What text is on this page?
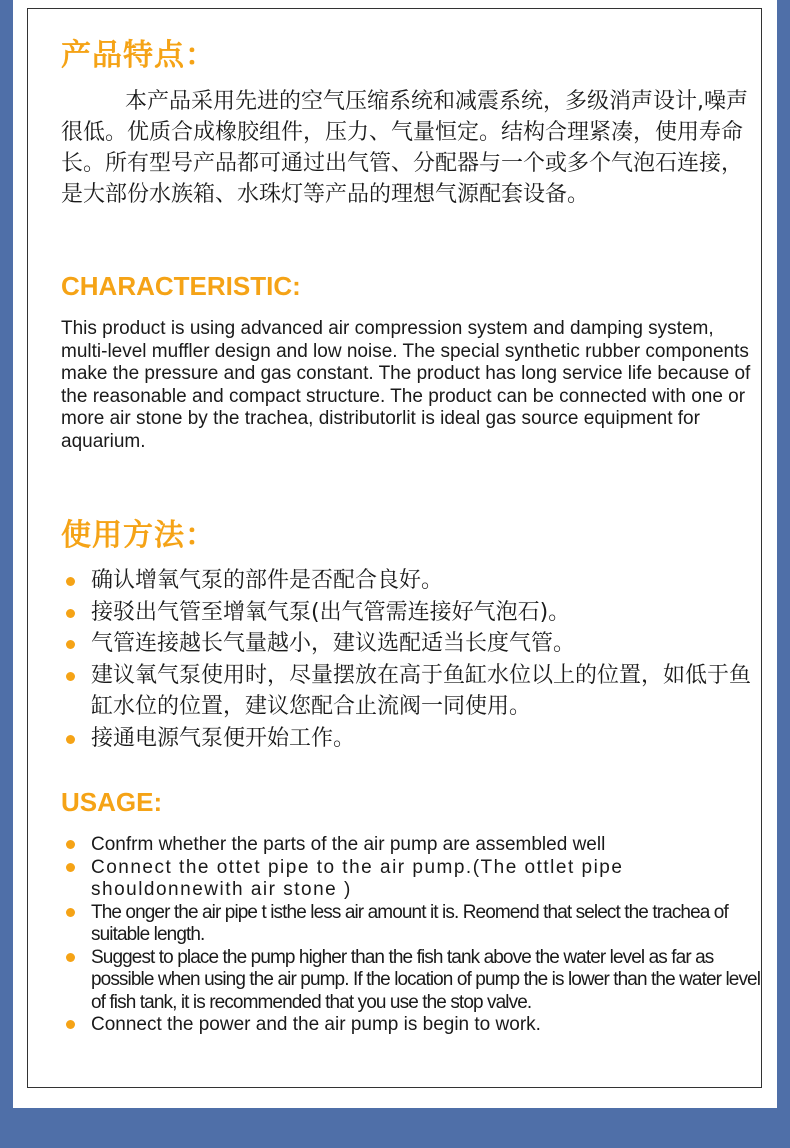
产品特点：

本产品采用先进的空气压缩系统和减震系统，多级消声设计,噪声很低。优质合成橡胶组件，压力、气量恒定。结构合理紧凑，使用寿命长。所有型号产品都可通过出气管、分配器与一个或多个气泡石连接，是大部份水族箱、水珠灯等产品的理想气源配套设备。

CHARACTERISTIC:

This product is using advanced air compression system and damping system, multi-level muffler design and low noise. The special synthetic rubber components make the pressure and gas constant. The product has long service life because of the reasonable and compact structure. The product can be connected with one or more air stone by the trachea, distributorlit is ideal gas source equipment for aquarium.

使用方法：
确认增氧气泵的部件是否配合良好。
接驳出气管至增氧气泵(出气管需连接好气泡石)。
气管连接越长气量越小，建议选配适当长度气管。
建议氧气泵使用时，尽量摆放在高于鱼缸水位以上的位置，如低于鱼缸水位的位置，建议您配合止流阀一同使用。
接通电源气泵便开始工作。
USAGE:
Confrm whether the parts of the air pump are assembled well
Connect the ottet pipe to the air pump.(The ottlet pipe shouldonnewith air stone )
The onger the air pipe t isthe less air amount it is. Reomend that select the trachea of suitable length.
Suggest to place the pump higher than the fish tank above the water level as far as possible when using the air pump. If the location of pump the is lower than the water level of fish tank, it is recommended that you use the stop valve.
Connect the power and the air pump is begin to work.
